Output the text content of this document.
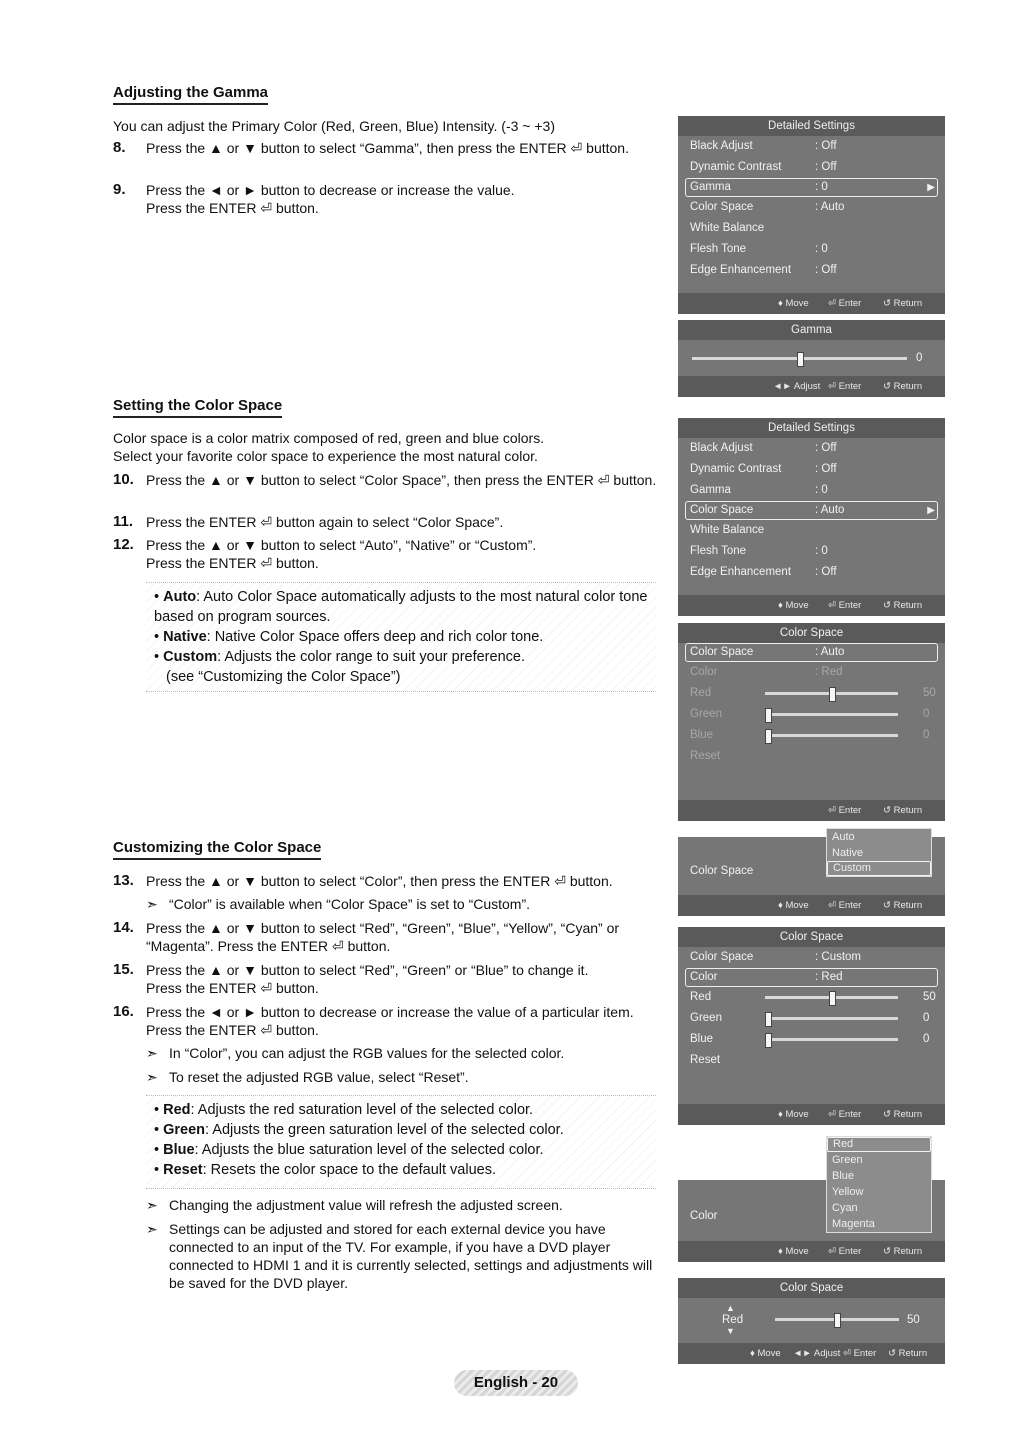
Adjusting the Gamma
You can adjust the Primary Color (Red, Green, Blue) Intensity. (-3 ~ +3)
8. Press the ▲ or ▼ button to select “Gamma”, then press the ENTER ⏎ button.
9. Press the ◄ or ► button to decrease or increase the value.
Press the ENTER ⏎ button.
Setting the Color Space
Color space is a color matrix composed of red, green and blue colors.
Select your favorite color space to experience the most natural color.
10. Press the ▲ or ▼ button to select “Color Space”, then press the ENTER ⏎ button.
11. Press the ENTER ⏎ button again to select “Color Space”.
12. Press the ▲ or ▼ button to select “Auto”, “Native” or “Custom”.
Press the ENTER ⏎ button.
• Auto: Auto Color Space automatically adjusts to the most natural color tone based on program sources.
• Native: Native Color Space offers deep and rich color tone.
• Custom: Adjusts the color range to suit your preference.
(see “Customizing the Color Space”)
Customizing the Color Space
13. Press the ▲ or ▼ button to select “Color”, then press the ENTER ⏎ button.
➣ “Color” is available when “Color Space” is set to “Custom”.
14. Press the ▲ or ▼ button to select “Red”, “Green”, “Blue”, “Yellow”, “Cyan” or “Magenta”. Press the ENTER ⏎ button.
15. Press the ▲ or ▼ button to select “Red”, “Green” or “Blue” to change it.
Press the ENTER ⏎ button.
16. Press the ◄ or ► button to decrease or increase the value of a particular item. Press the ENTER ⏎ button.
➣ In “Color”, you can adjust the RGB values for the selected color.
➣ To reset the adjusted RGB value, select “Reset”.
• Red: Adjusts the red saturation level of the selected color.
• Green: Adjusts the green saturation level of the selected color.
• Blue: Adjusts the blue saturation level of the selected color.
• Reset: Resets the color space to the default values.
➣ Changing the adjustment value will refresh the adjusted screen.
➣ Settings can be adjusted and stored for each external device you have connected to an input of the TV. For example, if you have a DVD player connected to HDMI 1 and it is currently selected, settings and adjustments will be saved for the DVD player.
Detailed Settings
Black Adjust	: Off
Dynamic Contrast	: Off
Gamma	: 0	▶
Color Space	: Auto
White Balance
Flesh Tone	: 0
Edge Enhancement : Off
♦ Move ⏎ Enter ↺ Return
Gamma
0
◄► Adjust ⏎ Enter ↺ Return
Detailed Settings
Black Adjust	: Off
Dynamic Contrast	: Off
Gamma	: 0
Color Space	: Auto	▶
White Balance
Flesh Tone	: 0
Edge Enhancement : Off
♦ Move ⏎ Enter ↺ Return
Color Space
Color Space	: Auto
Color	: Red
Red	50
Green	0
Blue	0
Reset
⏎ Enter ↺ Return
Color Space
♦ Move ⏎ Enter ↺ Return
Auto
Native
Custom
Color Space
Color Space	: Custom
Color	: Red
Red	50
Green	0
Blue	0
Reset
♦ Move ⏎ Enter ↺ Return
Color
♦ Move ⏎ Enter ↺ Return
Red
Green
Blue
Yellow
Cyan
Magenta
Color Space
▲
Red
▼
50
♦ Move ◄► Adjust ⏎ Enter ↺ Return
English - 20
